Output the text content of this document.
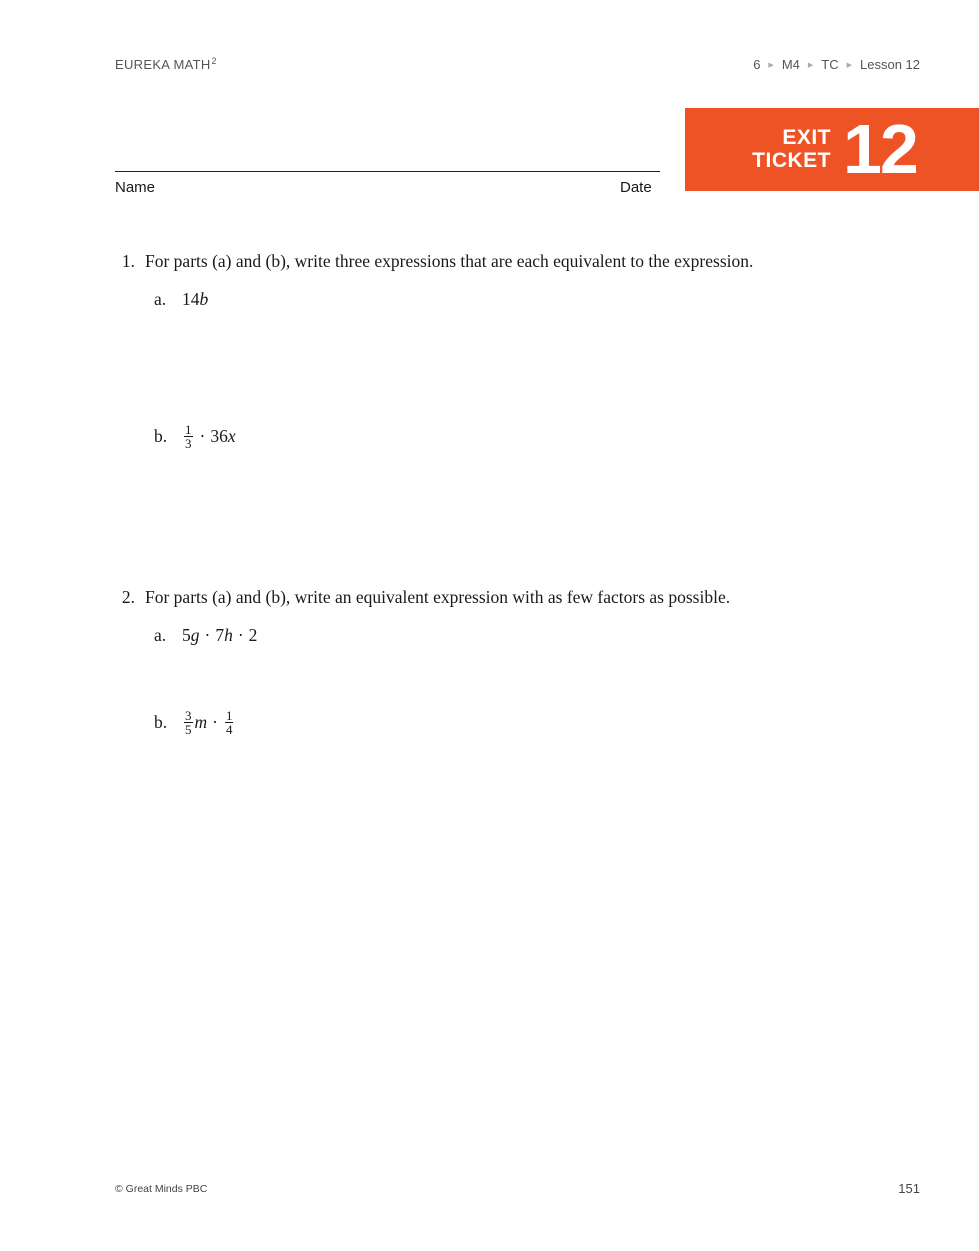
EUREKA MATH$^2$	6 ▶ M4 ▶ TC ▶ Lesson 12
Name	Date
EXIT
TICKET 12
1. For parts (a) and (b), write three expressions that are each equivalent to the expression.
a. 14 b
b.	$\frac{1}{3} \cdot 36$ x
2. For parts (a) and (b), write an equivalent expression with as few factors as possible.
a. 5 g · 7 h · 2
b.	$\frac{3}{5}$ $m \cdot \frac{1}{4}$
© Great Minds PBC	151
